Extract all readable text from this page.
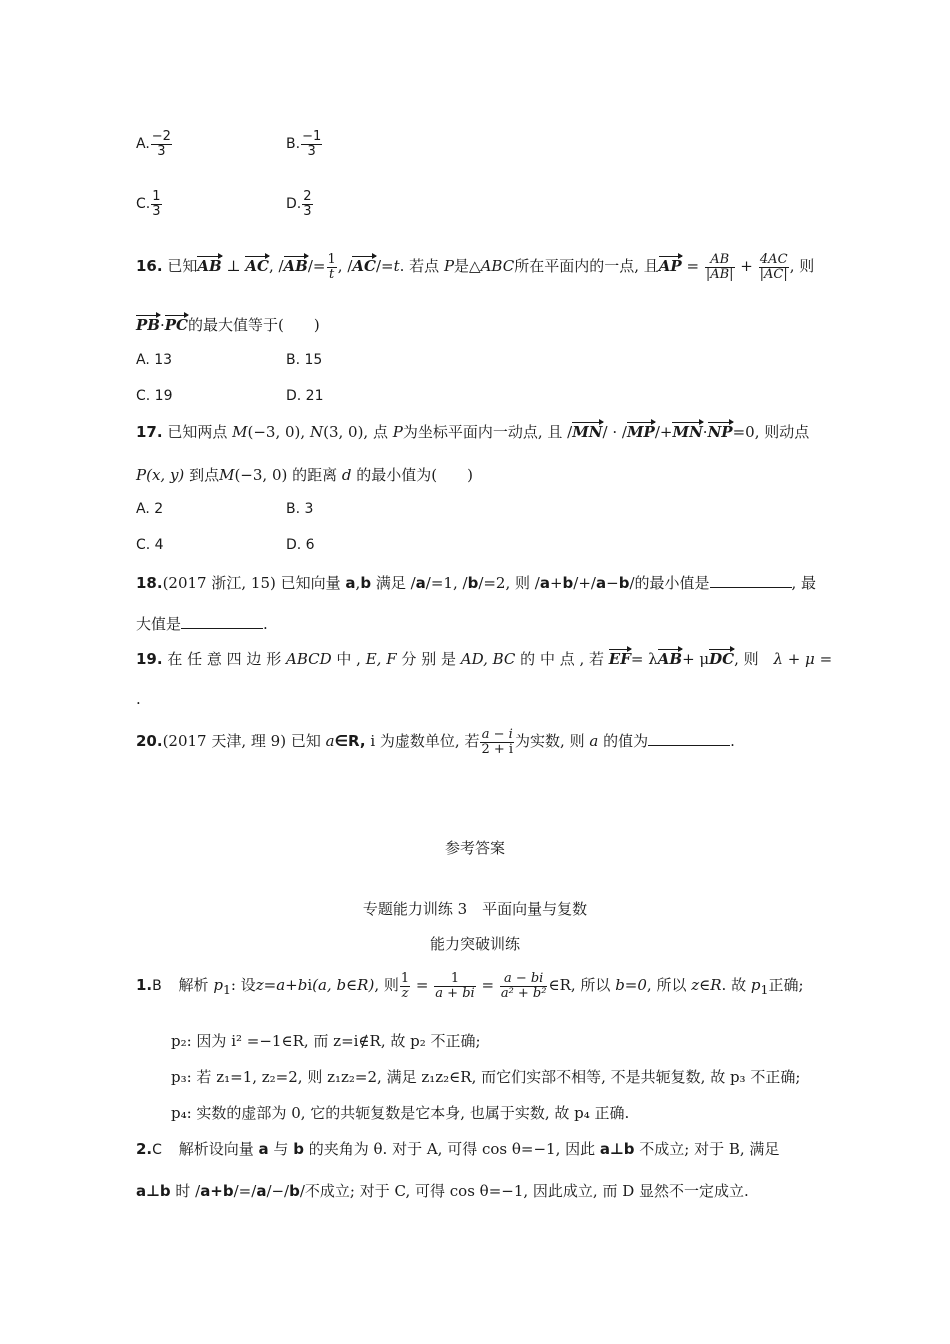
A. $\frac{-2}{3}$	B. $\frac{-1}{3}$
C. $\frac{1}{3}$	D. $\frac{2}{3}$
16. 已知AB ⊥ AC, $/AB/= \frac{1}{t}$ , /AC/=t. 若点 P是△ABC所在平面内的一点, 且AP = $\frac{AB}{|AB|} + \frac{4AC}{|AC|}$ , 则
PB·PC的最大值等于(　　)
A. 13	B. 15
C. 19	D. 21
17. 已知两点 M(−3, 0), N(3, 0), 点 P为坐标平面内一动点, 且 /MN/ · /MP/+MN·NP=0, 则动点
P(x, y) 到点M(−3, 0) 的距离 d 的最小值为(　　)
A. 2	B. 3
C. 4	D. 6
18.(2017 浙江, 15) 已知向量 a,b 满足 /a/=1, /b/=2, 则 /a+b/+/a−b/的最小值是	, 最
大值是	.
19. 在 任 意 四 边 形 ABCD 中 , E, F 分 别 是 AD, BC 的 中 点 , 若 EF= λAB+ μDC, 则 λ + μ =
.
20.(2017 天津, 理 9) 已知 a∈R, i 为虚数单位, 若 $\frac{a - i}{2 + i}$ 为实数, 则 a 的值为	.
参考答案
专题能力训练 3　平面向量与复数
能力突破训练
1.B 解析 $p_1$: 设z=a+bi(a, b∈R), 则 $\frac{1}{z} = \frac{1}{a + bi} = \frac{a - bi}{\text{a² + b²}}$ ∈R, 所以 b=0, 所以 z∈R. 故 $p_1$正确;
p₂: 因为 i² =−1∈R, 而 z=i∉R, 故 p₂ 不正确;
p₃: 若 z₁=1, z₂=2, 则 z₁z₂=2, 满足 z₁z₂∈R, 而它们实部不相等, 不是共轭复数, 故 p₃ 不正确;
p₄: 实数的虚部为 0, 它的共轭复数是它本身, 也属于实数, 故 p₄ 正确.
2.C 解析设向量 a 与 b 的夹角为 θ. 对于 A, 可得 cos θ=−1, 因此 a⊥b 不成立; 对于 B, 满足
a⊥b 时 /a+b/=/a/−/b/不成立; 对于 C, 可得 cos θ=−1, 因此成立, 而 D 显然不一定成立.
